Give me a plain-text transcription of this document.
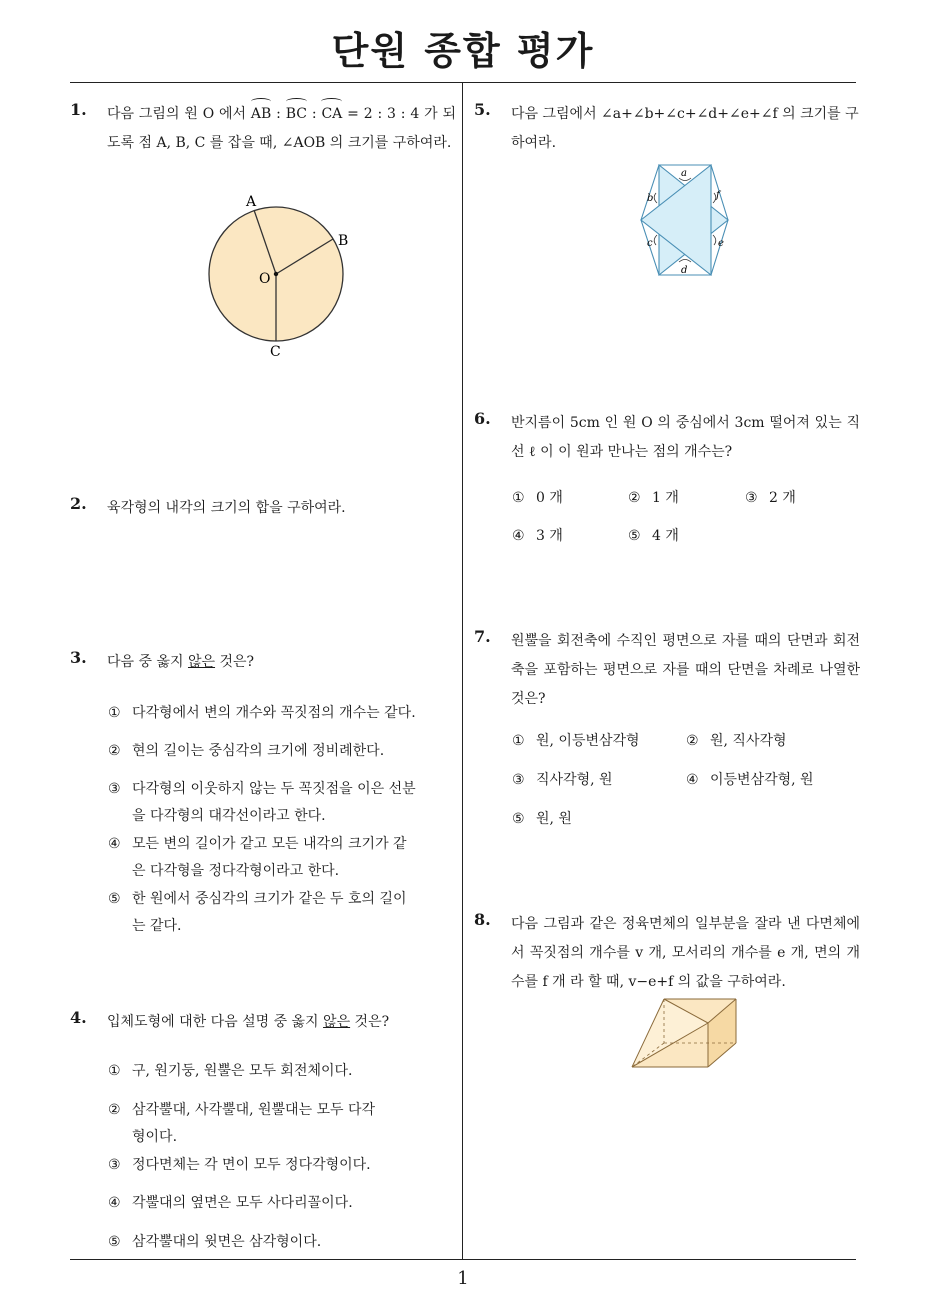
단원 종합 평가
1
1. 다음 그림의 원 O 에서 AB : BC : CA = 2 : 3 : 4 가 되도록 점 A, B, C 를 잡을 때, ∠AOB 의 크기를 구하여라.
A
B
C
O
2. 육각형의 내각의 크기의 합을 구하여라.
3. 다음 중 옳지 않은 것은?
① 다각형에서 변의 개수와 꼭짓점의 개수는 같다.
② 현의 길이는 중심각의 크기에 정비례한다.
③ 다각형의 이웃하지 않는 두 꼭짓점을 이은 선분을 다각형의 대각선이라고 한다.
④ 모든 변의 길이가 같고 모든 내각의 크기가 같은 다각형을 정다각형이라고 한다.
⑤ 한 원에서 중심각의 크기가 같은 두 호의 길이는 같다.
4. 입체도형에 대한 다음 설명 중 옳지 않은 것은?
① 구, 원기둥, 원뿔은 모두 회전체이다.
② 삼각뿔대, 사각뿔대, 원뿔대는 모두 다각형이다.
③ 정다면체는 각 면이 모두 정다각형이다.
④ 각뿔대의 옆면은 모두 사다리꼴이다.
⑤ 삼각뿔대의 윗면은 삼각형이다.
5. 다음 그림에서 ∠a+∠b+∠c+∠d+∠e+∠f 의 크기를 구하여라.
a
b
c
d
e
f
6. 반지름이 5cm 인 원 O 의 중심에서 3cm 떨어져 있는 직선 ℓ 이 이 원과 만나는 점의 개수는?
① 0 개	② 1 개	③ 2 개
④ 3 개	⑤ 4 개
7. 원뿔을 회전축에 수직인 평면으로 자를 때의 단면과 회전축을 포함하는 평면으로 자를 때의 단면을 차례로 나열한 것은?
① 원, 이등변삼각형	② 원, 직사각형
③ 직사각형, 원	④ 이등변삼각형, 원
⑤ 원, 원
8. 다음 그림과 같은 정육면체의 일부분을 잘라 낸 다면체에서 꼭짓점의 개수를 v 개, 모서리의 개수를 e 개, 면의 개수를 f 개 라 할 때, v−e+f 의 값을 구하여라.
